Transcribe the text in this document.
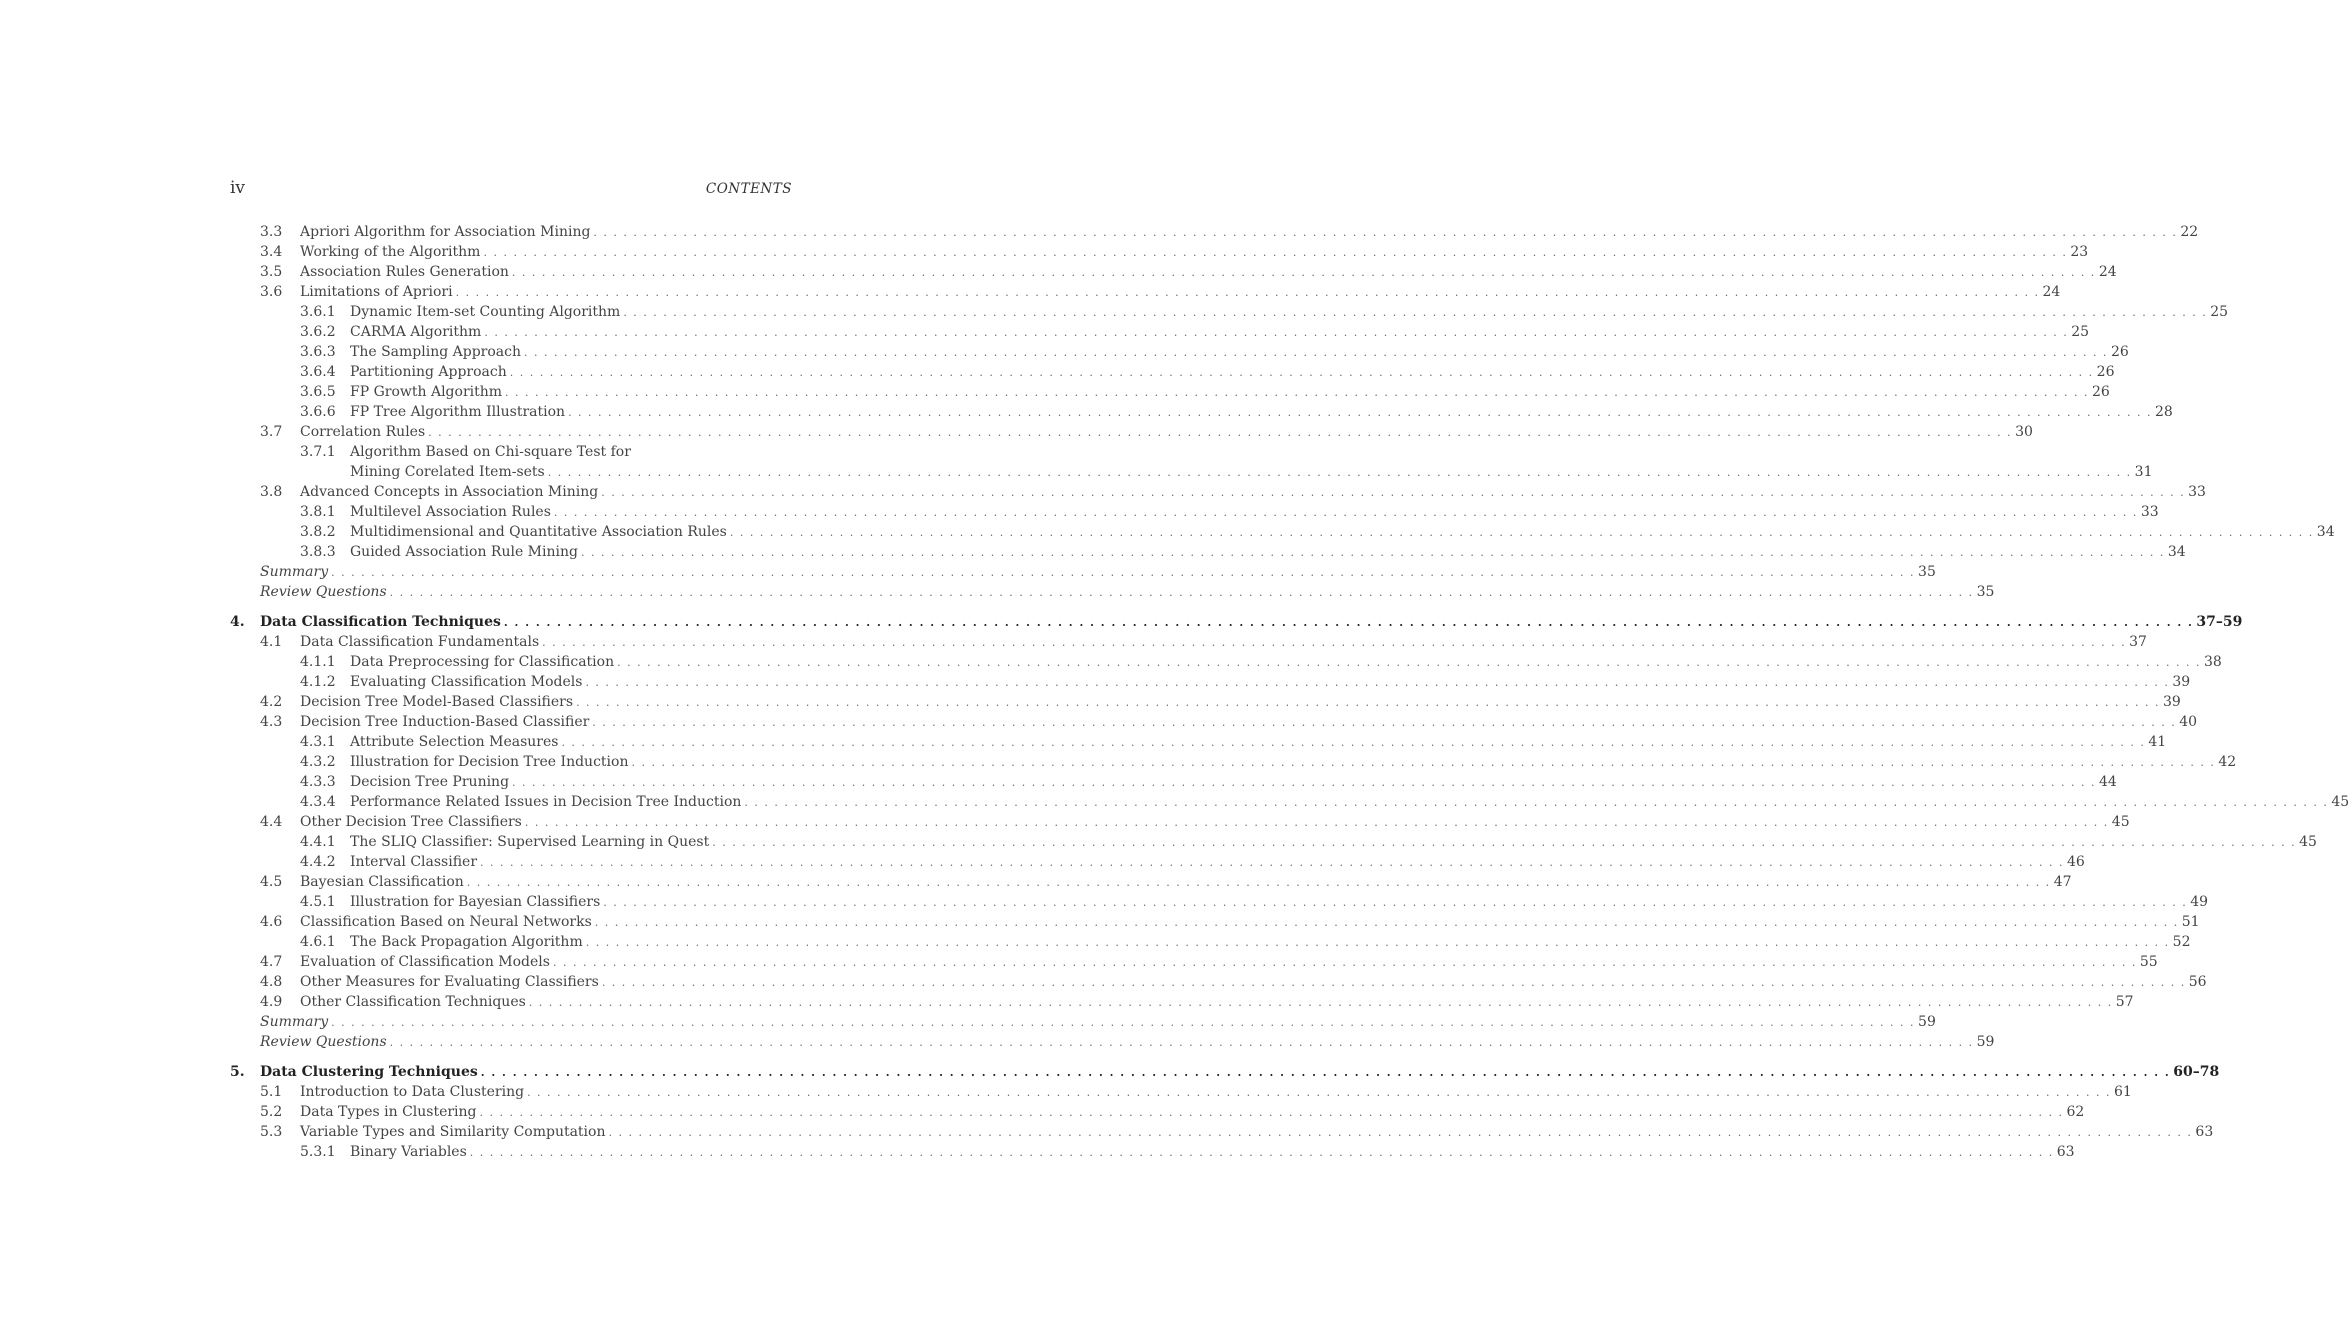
iv	CONTENTS
3.3 Apriori Algorithm for Association Mining . . .	22
3.4 Working of the Algorithm . . .	23
3.5 Association Rules Generation . . .	24
3.6 Limitations of Apriori . . .	24
3.6.1 Dynamic Item-set Counting Algorithm . . .	25
3.6.2 CARMA Algorithm . . .	25
3.6.3 The Sampling Approach . . .	26
3.6.4 Partitioning Approach . . .	26
3.6.5 FP Growth Algorithm . . .	26
3.6.6 FP Tree Algorithm Illustration . . .	28
3.7 Correlation Rules . . .	30
3.7.1 Algorithm Based on Chi-square Test for
Mining Corelated Item-sets . . .	31
3.8 Advanced Concepts in Association Mining . . .	33
3.8.1 Multilevel Association Rules . . .	33
3.8.2 Multidimensional and Quantitative Association Rules . . .	34
3.8.3 Guided Association Rule Mining . . .	34
Summary . . .	35
Review Questions . . .	35
4. Data Classification Techniques . . .	37–59
4.1 Data Classification Fundamentals . . .	37
4.1.1 Data Preprocessing for Classification . . .	38
4.1.2 Evaluating Classification Models . . .	39
4.2 Decision Tree Model-Based Classifiers . . .	39
4.3 Decision Tree Induction-Based Classifier . . .	40
4.3.1 Attribute Selection Measures . . .	41
4.3.2 Illustration for Decision Tree Induction . . .	42
4.3.3 Decision Tree Pruning . . .	44
4.3.4 Performance Related Issues in Decision Tree Induction . . .	45
4.4 Other Decision Tree Classifiers . . .	45
4.4.1 The SLIQ Classifier: Supervised Learning in Quest . . .	45
4.4.2 Interval Classifier . . .	46
4.5 Bayesian Classification . . .	47
4.5.1 Illustration for Bayesian Classifiers . . .	49
4.6 Classification Based on Neural Networks . . .	51
4.6.1 The Back Propagation Algorithm . . .	52
4.7 Evaluation of Classification Models . . .	55
4.8 Other Measures for Evaluating Classifiers . . .	56
4.9 Other Classification Techniques . . .	57
Summary . . .	59
Review Questions . . .	59
5. Data Clustering Techniques . . .	60–78
5.1 Introduction to Data Clustering . . .	61
5.2 Data Types in Clustering . . .	62
5.3 Variable Types and Similarity Computation . . .	63
5.3.1 Binary Variables . . .	63
